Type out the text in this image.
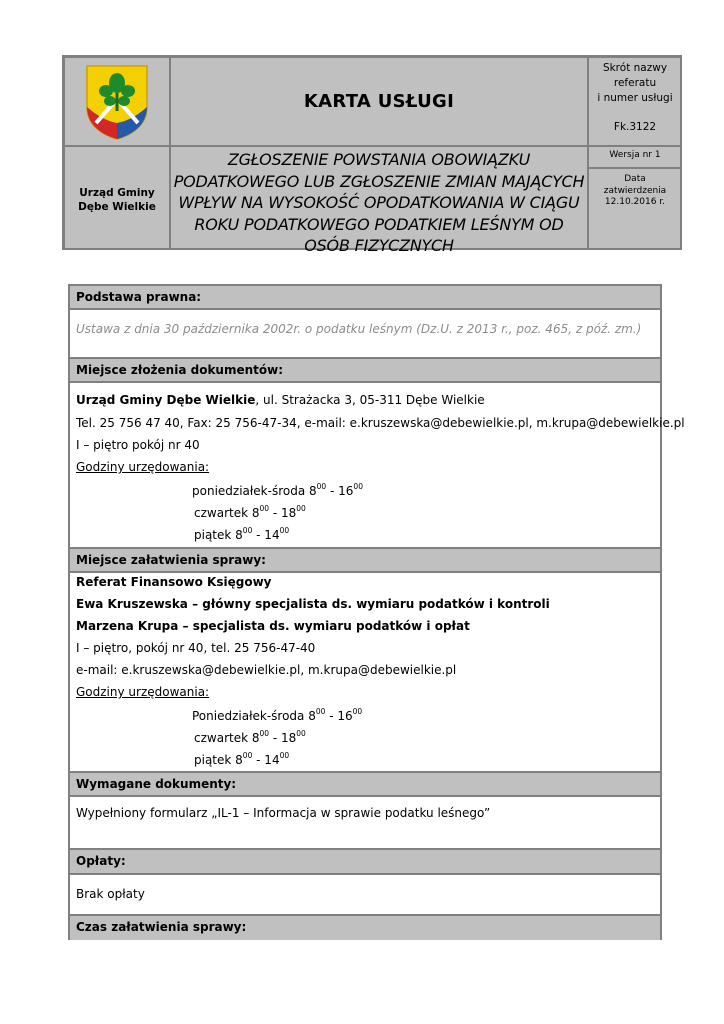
KARTA USŁUGI
Skrót nazwy
referatu
i numer usługi
Fk.3122
Urząd Gminy
Dębe Wielkie
ZGŁOSZENIE POWSTANIA OBOWIĄZKU
PODATKOWEGO LUB ZGŁOSZENIE ZMIAN MAJĄCYCH
WPŁYW NA WYSOKOŚĆ OPODATKOWANIA W CIĄGU
ROKU PODATKOWEGO PODATKIEM LEŚNYM OD
OSÓB FIZYCZNYCH
Wersja nr 1
Data
zatwierdzenia
12.10.2016 r.
Podstawa prawna:
Ustawa z dnia 30 października 2002r. o podatku leśnym (Dz.U. z 2013 r., poz. 465, z póź. zm.)
Miejsce złożenia dokumentów:
Urząd Gminy Dębe Wielkie, ul. Strażacka 3, 05-311 Dębe Wielkie
Tel. 25 756 47 40, Fax: 25 756-47-34, e-mail: e.kruszewska@debewielkie.pl, m.krupa@debewielkie.pl
I – piętro pokój nr 40
Godziny urzędowania:
poniedziałek-środa $8^{00} - 16^{00}$
czwartek $8^{00} - 18^{00}$
piątek $8^{00} - 14^{00}$
Miejsce załatwienia sprawy:
Referat Finansowo Księgowy
Ewa Kruszewska – główny specjalista ds. wymiaru podatków i kontroli
Marzena Krupa – specjalista ds. wymiaru podatków i opłat
I – piętro, pokój nr 40, tel. 25 756-47-40
e-mail: e.kruszewska@debewielkie.pl, m.krupa@debewielkie.pl
Godziny urzędowania:
Poniedziałek-środa $8^{00} - 16^{00}$
czwartek $8^{00} - 18^{00}$
piątek $8^{00} - 14^{00}$
Wymagane dokumenty:
Wypełniony formularz „IL-1 – Informacja w sprawie podatku leśnego”
Opłaty:
Brak opłaty
Czas załatwienia sprawy:
